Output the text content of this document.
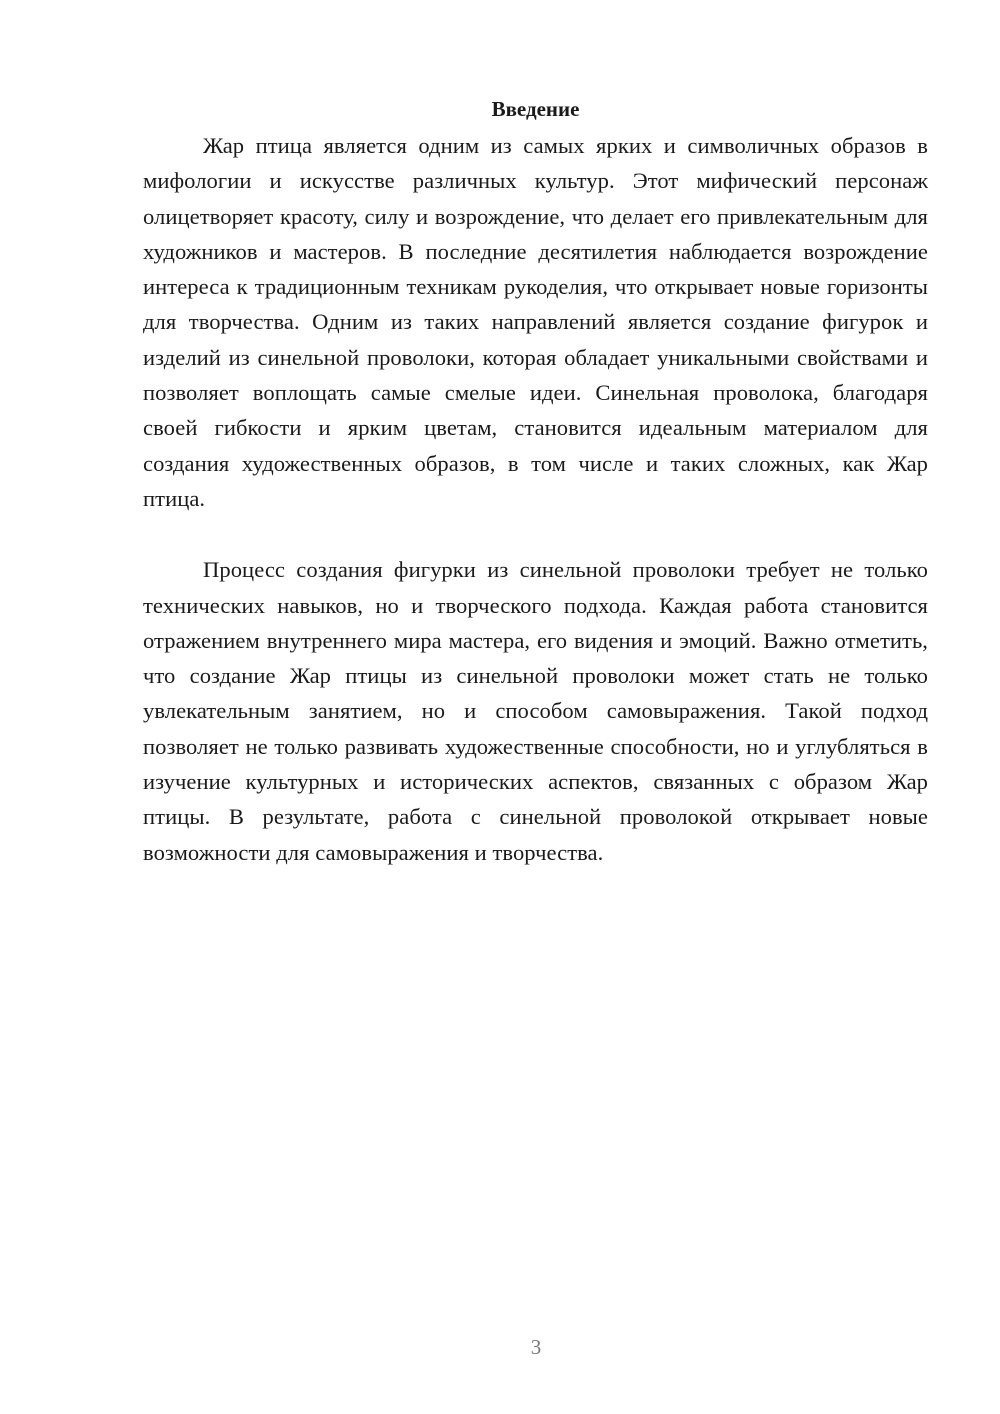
Введение

Жар птица является одним из самых ярких и символичных образов в мифологии и искусстве различных культур. Этот мифический персонаж олицетворяет красоту, силу и возрождение, что делает его привлекательным для художников и мастеров. В последние десятилетия наблюдается возрождение интереса к традиционным техникам рукоделия, что открывает новые горизонты для творчества. Одним из таких направлений является создание фигурок и изделий из синельной проволоки, которая обладает уникальными свойствами и позволяет воплощать самые смелые идеи. Синельная проволока, благодаря своей гибкости и ярким цветам, становится идеальным материалом для создания художественных образов, в том числе и таких сложных, как Жар птица.

Процесс создания фигурки из синельной проволоки требует не только технических навыков, но и творческого подхода. Каждая работа становится отражением внутреннего мира мастера, его видения и эмоций. Важно отметить, что создание Жар птицы из синельной проволоки может стать не только увлекательным занятием, но и способом самовыражения. Такой подход позволяет не только развивать художественные способности, но и углубляться в изучение культурных и исторических аспектов, связанных с образом Жар птицы. В результате, работа с синельной проволокой открывает новые возможности для самовыражения и творчества.

3
